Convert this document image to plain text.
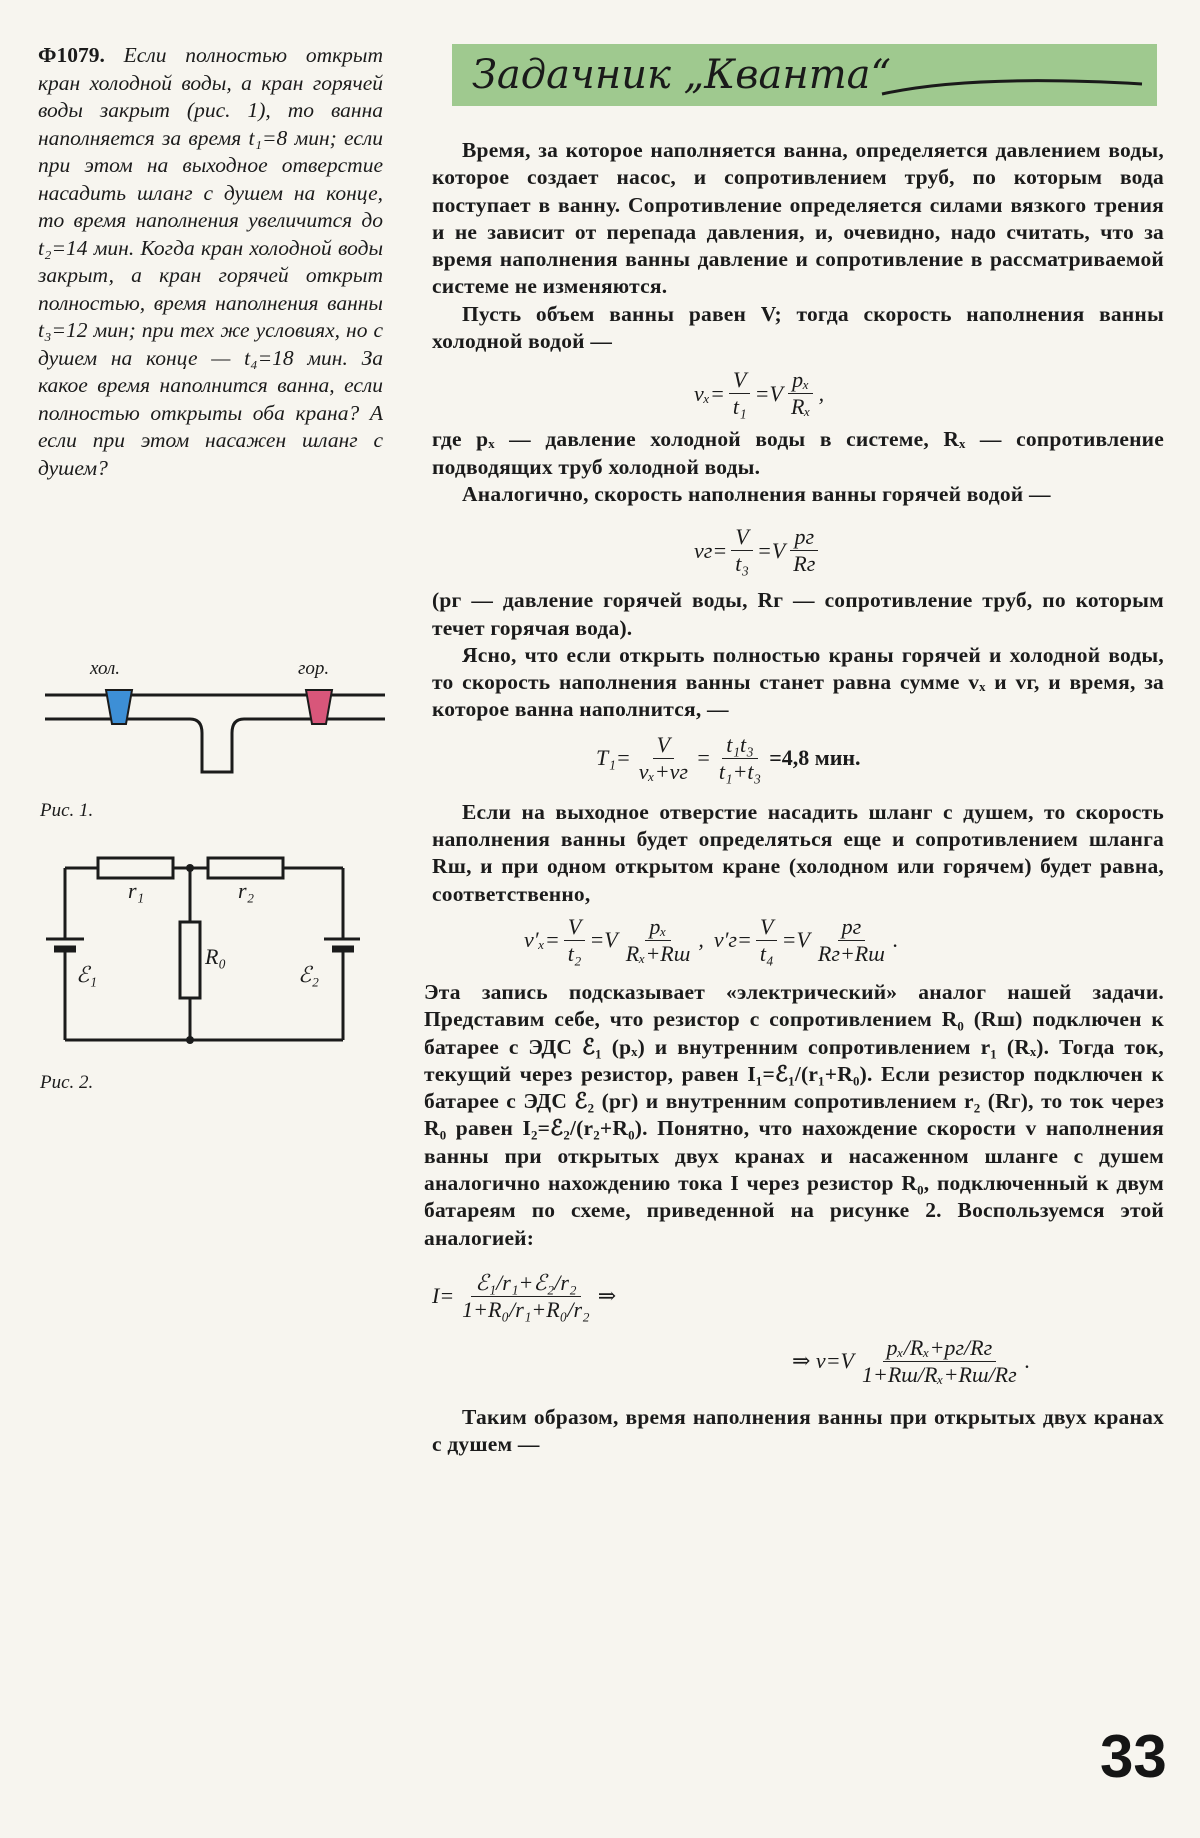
Ф1079. Если полностью открыт кран холодной воды, а кран горячей воды закрыт (рис. 1), то ванна наполняется за время t₁=8 мин; если при этом на выходное отверстие насадить шланг с душем на конце, то время наполнения увеличится до t₂=14 мин. Когда кран холодной воды закрыт, а кран горячей открыт полностью, время наполнения ванны t₃=12 мин; при тех же условиях, но с душем на конце — t₄=18 мин. За какое время наполнится ванна, если полностью открыты оба крана? А если при этом насажен шланг с душем?

хол.	гор.
Рис. 1.
r₁	r₂
R₀
ℰ₁	ℰ₂
Рис. 2.
Задачник „Кванта“

Время, за которое наполняется ванна, определяется давлением воды, которое создает насос, и сопротивлением труб, по которым вода поступает в ванну. Сопротивление определяется силами вязкого трения и не зависит от перепада давления, и, очевидно, надо считать, что за время наполнения ванны давление и сопротивление в рассматриваемой системе не изменяются.

Пусть объем ванны равен V; тогда скорость наполнения ванны холодной водой —

$v_x= \frac{V}{\text{t₁}} =V \frac{\text{pₓ}}{\text{Rₓ}}$ ,

где pₓ — давление холодной воды в системе, Rₓ — сопротивление подводящих труб холодной воды.

Аналогично, скорость наполнения ванны горячей водой —

$vг= \frac{V}{\text{t₃}} =V \frac{pг}{Rг}$

(pг — давление горячей воды, Rг — сопротивление труб, по которым течет горячая вода).

Ясно, что если открыть полностью краны горячей и холодной воды, то скорость наполнения ванны станет равна сумме vₓ и vг, и время, за которое ванна наполнится, —

$T_1= \frac{V}{\text{vₓ+vг}} = \frac{\text{t₁t₃}}{\text{t₁+t₃}} =4,8$ мин.

Если на выходное отверстие насадить шланг с душем, то скорость наполнения ванны будет определяться еще и сопротивлением шланга Rш, и при одном открытом кране (холодном или горячем) будет равна, соответственно,

$v'_x= \frac{V}{\text{t₂}} =V \frac{\text{pₓ}}{\text{Rₓ+Rш}}$ , $v'г= \frac{V}{\text{t₄}} =V \frac{pг}{Rг+Rш}$ .

Эта запись подсказывает «электрический» аналог нашей задачи. Представим себе, что резистор с сопротивлением R₀ (Rш) подключен к батарее с ЭДС ℰ₁ (pₓ) и внутренним сопротивлением r₁ (Rₓ). Тогда ток, текущий через резистор, равен I₁=ℰ₁/(r₁+R₀). Если резистор подключен к батарее с ЭДС ℰ₂ (pг) и внутренним сопротивлением r₂ (Rг), то ток через R₀ равен I₂=ℰ₂/(r₂+R₀). Понятно, что нахождение скорости v наполнения ванны при открытых двух кранах и насаженном шланге с душем аналогично нахождению тока I через резистор R₀, подключенный к двум батареям по схеме, приведенной на рисунке 2. Воспользуемся этой аналогией:

$I= \frac{\text{ℰ₁/r₁+ℰ₂/r₂}}{\text{1+R₀/r₁+R₀/r₂}}$ ⇒
⇒ $v=V \frac{\text{pₓ/Rₓ+pг/Rг}}{\text{1+Rш/Rₓ+Rш/Rг}}$ .

Таким образом, время наполнения ванны при открытых двух кранах с душем —

33
